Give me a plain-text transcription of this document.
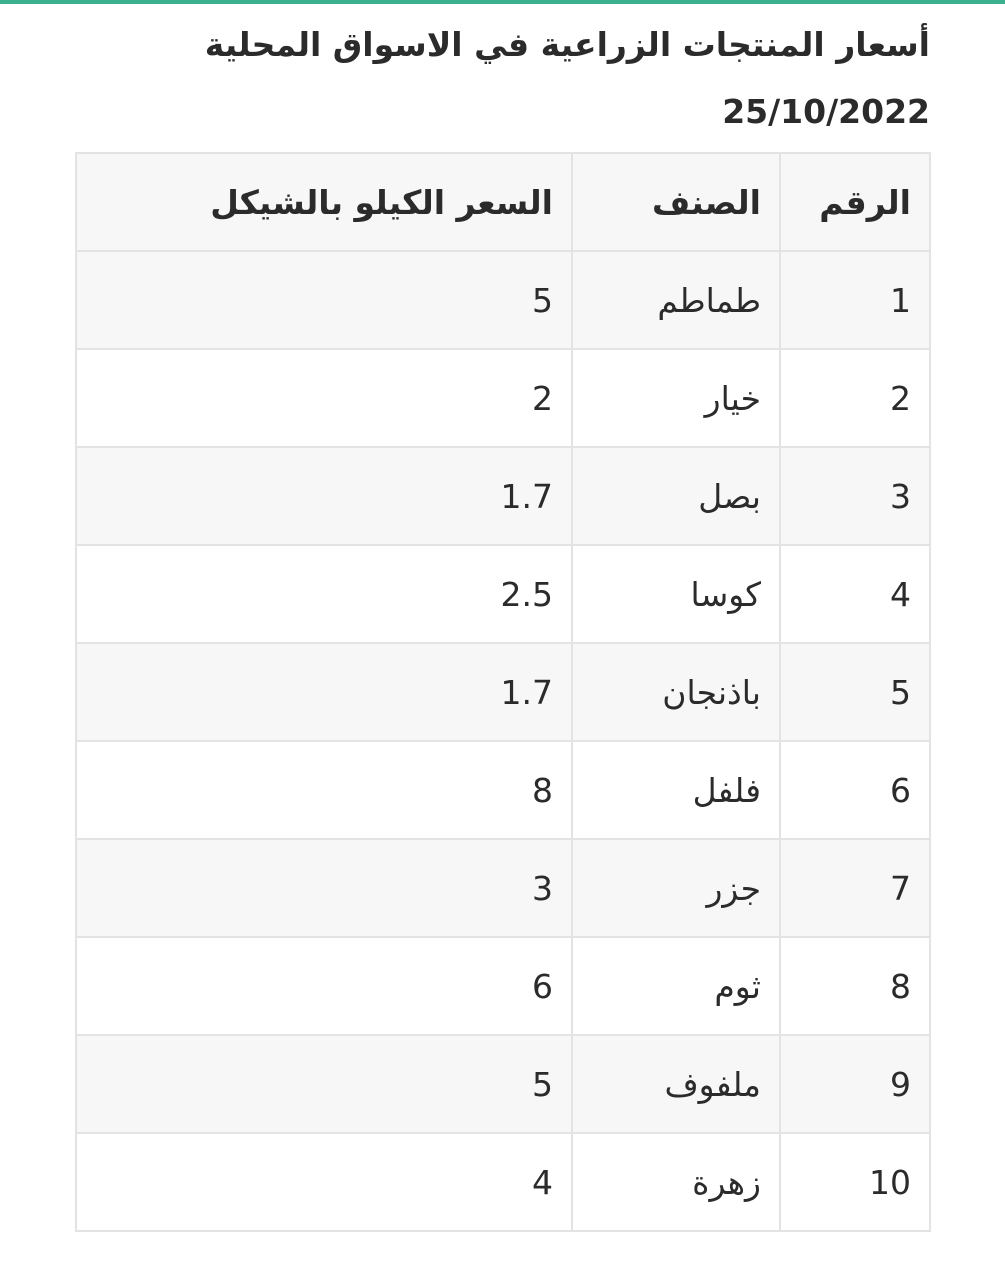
أسعار المنتجات الزراعية في الاسواق المحلية
25/10/2022
الرقم	الصنف	السعر الكيلو بالشيكل
1	طماطم	5
2	خيار	2
3	بصل	1.7
4	كوسا	2.5
5	باذنجان	1.7
6	فلفل	8
7	جزر	3
8	ثوم	6
9	ملفوف	5
10	زهرة	4
